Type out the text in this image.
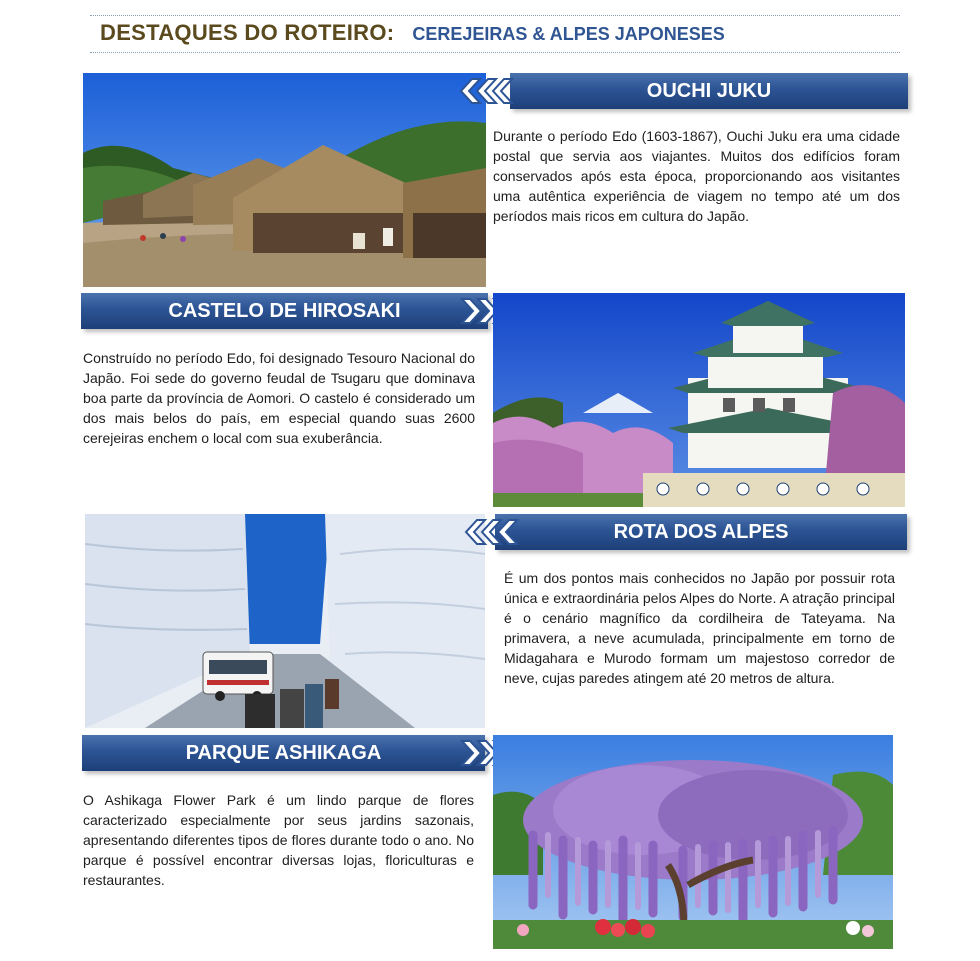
DESTAQUES DO ROTEIRO: CEREJEIRAS & ALPES JAPONESES
OUCHI JUKU

Durante o período Edo (1603-1867), Ouchi Juku era uma cidade postal que servia aos viajantes. Muitos dos edifícios foram conservados após esta época, proporcionando aos visitantes uma autêntica experiência de viagem no tempo até um dos períodos mais ricos em cultura do Japão.

CASTELO DE HIROSAKI

Construído no período Edo, foi designado Tesouro Nacional do Japão. Foi sede do governo feudal de Tsugaru que dominava boa parte da província de Aomori. O castelo é considerado um dos mais belos do país, em especial quando suas 2600 cerejeiras enchem o local com sua exuberância.

ROTA DOS ALPES

É um dos pontos mais conhecidos no Japão por possuir rota única e extraordinária pelos Alpes do Norte. A atração principal é o cenário magnífico da cordilheira de Tateyama. Na primavera, a neve acumulada, principalmente em torno de Midagahara e Murodo formam um majestoso corredor de neve, cujas paredes atingem até 20 metros de altura.

PARQUE ASHIKAGA

O Ashikaga Flower Park é um lindo parque de flores caracterizado especialmente por seus jardins sazonais, apresentando diferentes tipos de flores durante todo o ano. No parque é possível encontrar diversas lojas, floriculturas e restaurantes.
